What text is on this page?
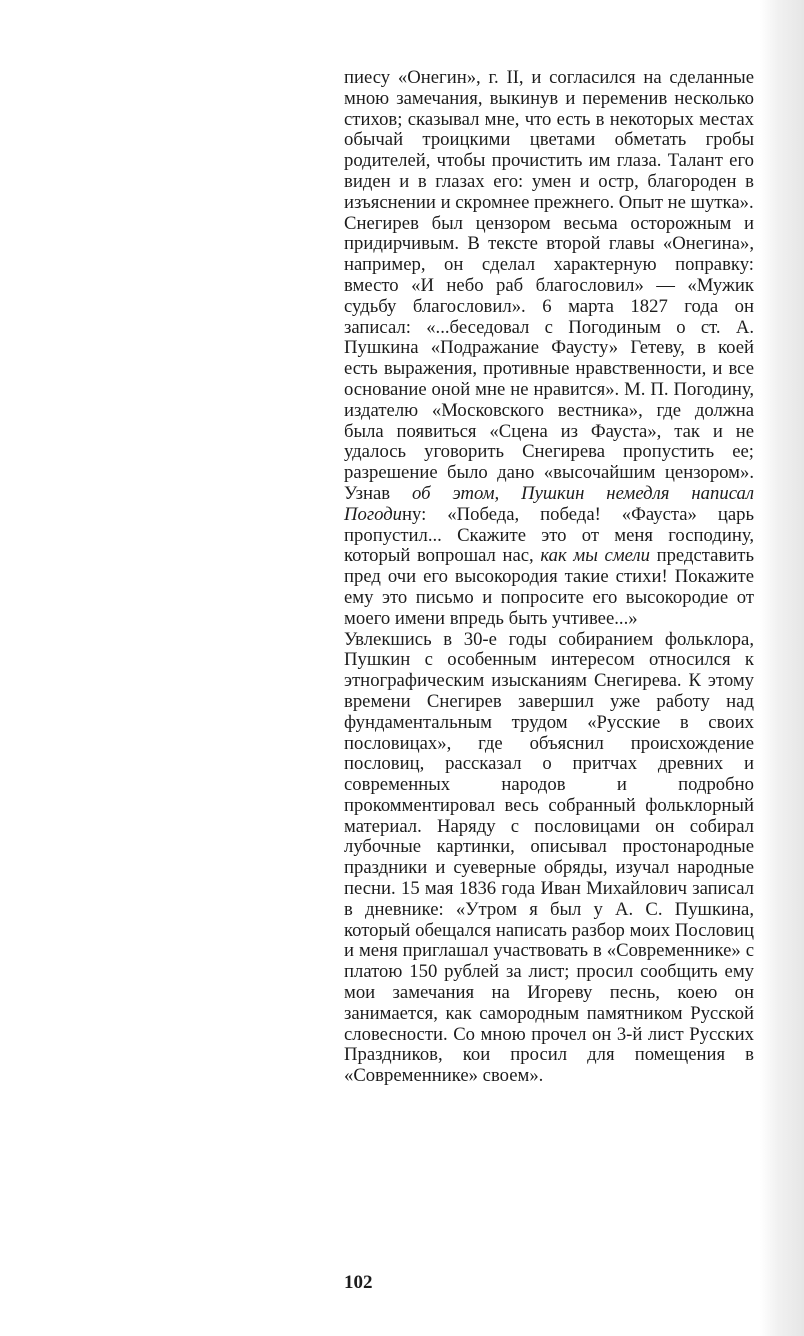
пиесу «Онегин», г. II, и согласился на сделанные мною замечания, выкинув и переменив несколько стихов; сказывал мне, что есть в некоторых местах обычай троицкими цветами обметать гробы родителей, чтобы прочистить им глаза. Талант его виден и в глазах его: умен и остр, благороден в изъяснении и скромнее прежнего. Опыт не шутка».

Снегирев был цензором весьма осторожным и придирчивым. В тексте второй главы «Онегина», например, он сделал характерную поправку: вместо «И небо раб благословил» — «Мужик судьбу благословил». 6 марта 1827 года он записал: «...беседовал с Погодиным о ст. А. Пушкина «Подражание Фаусту» Гетеву, в коей есть выражения, противные нравственности, и все основание оной мне не нравится». М. П. Погодину, издателю «Московского вестника», где должна была появиться «Сцена из Фауста», так и не удалось уговорить Снегирева пропустить ее; разрешение было дано «высочайшим цензором». Узнав об этом, Пушкин немедля написал Погодину: «Победа, победа! «Фауста» царь пропустил... Скажите это от меня господину, который вопрошал нас, как мы смели представить пред очи его высокородия такие стихи! Покажите ему это письмо и попросите его высокородие от моего имени впредь быть учтивее...»

Увлекшись в 30-е годы собиранием фольклора, Пушкин с особенным интересом относился к этнографическим изысканиям Снегирева. К этому времени Снегирев завершил уже работу над фундаментальным трудом «Русские в своих пословицах», где объяснил происхождение пословиц, рассказал о притчах древних и современных народов и подробно прокомментировал весь собранный фольклорный материал. Наряду с пословицами он собирал лубочные картинки, описывал простонародные праздники и суеверные обряды, изучал народные песни. 15 мая 1836 года Иван Михайлович записал в дневнике: «Утром я был у А. С. Пушкина, который обещался написать разбор моих Пословиц и меня приглашал участвовать в «Современнике» с платою 150 рублей за лист; просил сообщить ему мои замечания на Игореву песнь, коею он занимается, как самородным памятником Русской словесности. Со мною прочел он 3-й лист Русских Праздников, кои просил для помещения в «Современнике» своем».

102
